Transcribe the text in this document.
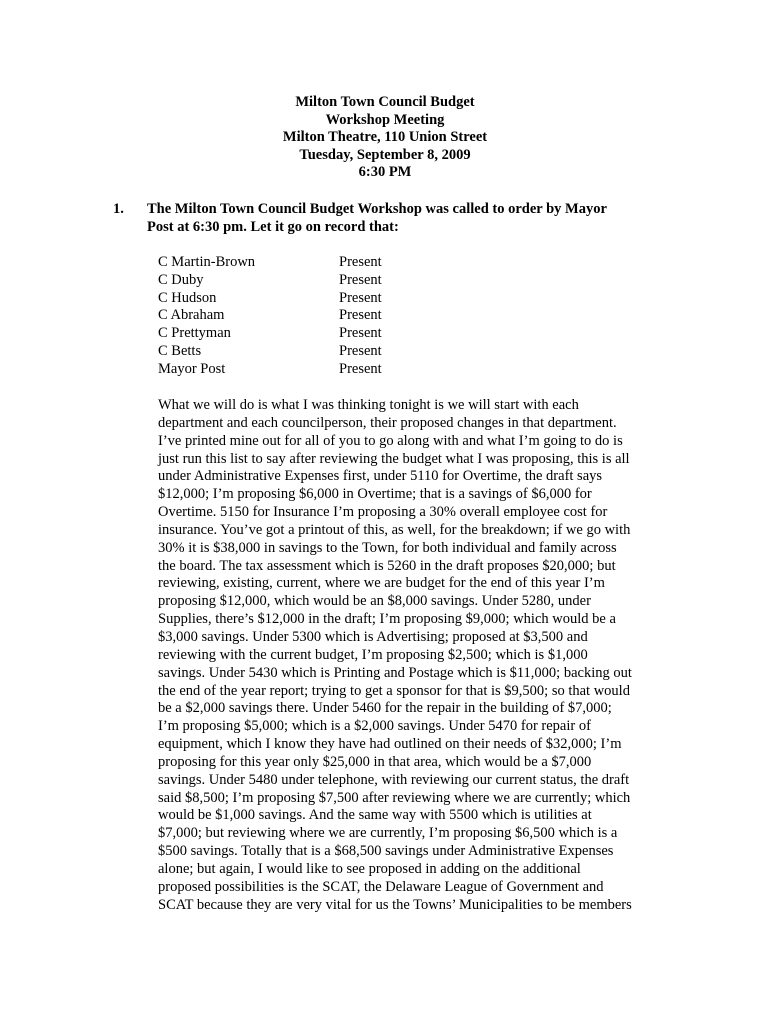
Milton Town Council Budget
Workshop Meeting
Milton Theatre, 110 Union Street
Tuesday, September 8, 2009
6:30 PM
1. The Milton Town Council Budget Workshop was called to order by Mayor
Post at 6:30 pm. Let it go on record that:
C Martin-Brown	Present
C Duby	Present
C Hudson	Present
C Abraham	Present
C Prettyman	Present
C Betts	Present
Mayor Post	Present
What we will do is what I was thinking tonight is we will start with each
department and each councilperson, their proposed changes in that department.
I’ve printed mine out for all of you to go along with and what I’m going to do is
just run this list to say after reviewing the budget what I was proposing, this is all
under Administrative Expenses first, under 5110 for Overtime, the draft says
$12,000; I’m proposing $6,000 in Overtime; that is a savings of $6,000 for
Overtime. 5150 for Insurance I’m proposing a 30% overall employee cost for
insurance. You’ve got a printout of this, as well, for the breakdown; if we go with
30% it is $38,000 in savings to the Town, for both individual and family across
the board. The tax assessment which is 5260 in the draft proposes $20,000; but
reviewing, existing, current, where we are budget for the end of this year I’m
proposing $12,000, which would be an $8,000 savings. Under 5280, under
Supplies, there’s $12,000 in the draft; I’m proposing $9,000; which would be a
$3,000 savings. Under 5300 which is Advertising; proposed at $3,500 and
reviewing with the current budget, I’m proposing $2,500; which is $1,000
savings. Under 5430 which is Printing and Postage which is $11,000; backing out
the end of the year report; trying to get a sponsor for that is $9,500; so that would
be a $2,000 savings there. Under 5460 for the repair in the building of $7,000;
I’m proposing $5,000; which is a $2,000 savings. Under 5470 for repair of
equipment, which I know they have had outlined on their needs of $32,000; I’m
proposing for this year only $25,000 in that area, which would be a $7,000
savings. Under 5480 under telephone, with reviewing our current status, the draft
said $8,500; I’m proposing $7,500 after reviewing where we are currently; which
would be $1,000 savings. And the same way with 5500 which is utilities at
$7,000; but reviewing where we are currently, I’m proposing $6,500 which is a
$500 savings. Totally that is a $68,500 savings under Administrative Expenses
alone; but again, I would like to see proposed in adding on the additional
proposed possibilities is the SCAT, the Delaware League of Government and
SCAT because they are very vital for us the Towns’ Municipalities to be members
